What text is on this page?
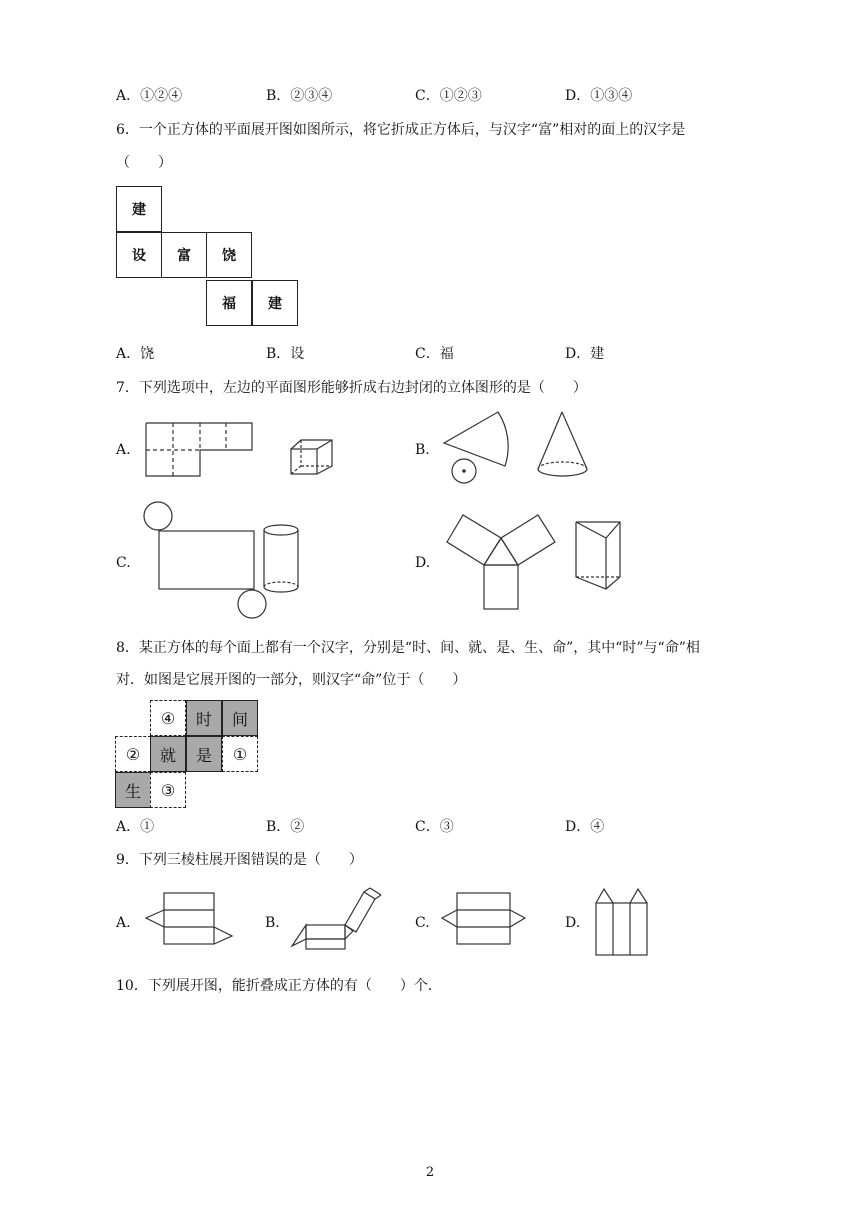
A．①②④	B．②③④	C．①②③	D．①③④
6．一个正方体的平面展开图如图所示，将它折成正方体后，与汉字“富”相对的面上的汉字是
（　　）
建
设	富	饶
福	建
A．饶	B．设	C．福	D．建
7．下列选项中，左边的平面图形能够折成右边封闭的立体图形的是（　　）
A.	B.
C.	D.
8．某正方体的每个面上都有一个汉字，分别是“时、间、就、是、生、命”，其中“时”与“命”相
对．如图是它展开图的一部分，则汉字“命”位于（　　）
④	时	间
②	就	是	①
生	③
A．①	B．②	C．③	D．④
9．下列三棱柱展开图错误的是（　　）
A.	B.	C.	D.
10．下列展开图，能折叠成正方体的有（　　）个．
2
